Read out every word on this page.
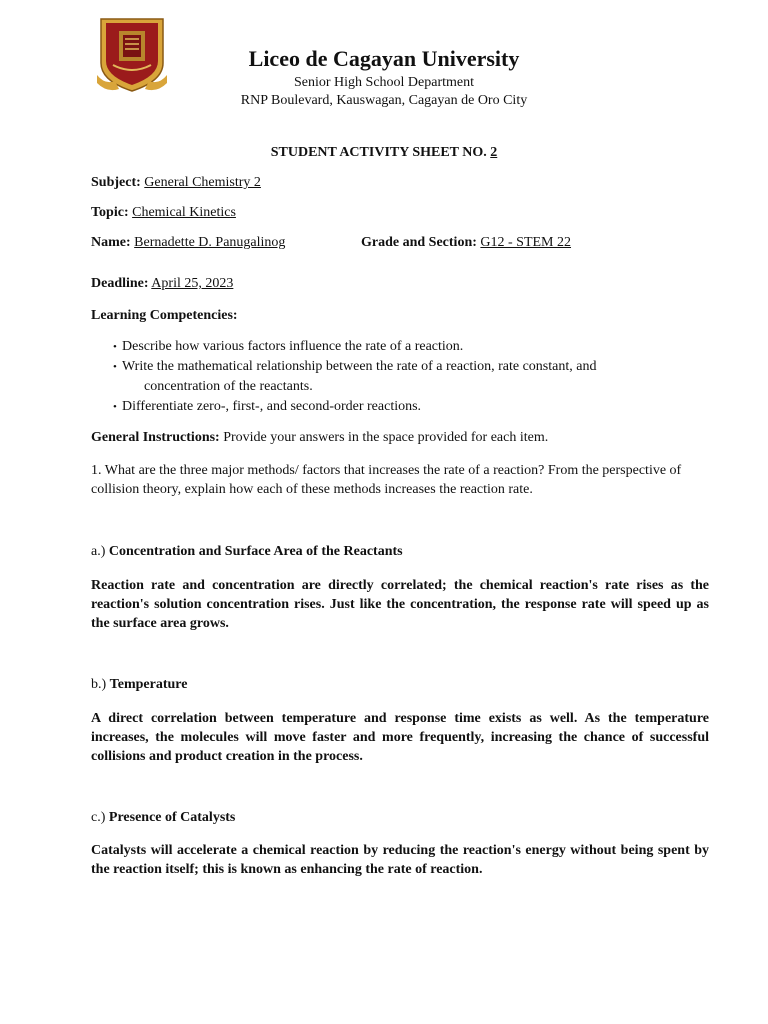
Liceo de Cagayan University
Senior High School Department
RNP Boulevard, Kauswagan, Cagayan de Oro City
STUDENT ACTIVITY SHEET NO. 2
Subject: General Chemistry 2
Topic: Chemical Kinetics
Name: Bernadette D. Panugalinog	Grade and Section: G12 - STEM 22
Deadline: April 25, 2023
Learning Competencies:
• Describe how various factors influence the rate of a reaction.
• Write the mathematical relationship between the rate of a reaction, rate constant, and
concentration of the reactants.
• Differentiate zero-, first-, and second-order reactions.
General Instructions: Provide your answers in the space provided for each item.
1. What are the three major methods/ factors that increases the rate of a reaction? From the perspective of collision theory, explain how each of these methods increases the reaction rate.
a.) Concentration and Surface Area of the Reactants
Reaction rate and concentration are directly correlated; the chemical reaction's rate rises as the reaction's solution concentration rises. Just like the concentration, the response rate will speed up as the surface area grows.
b.) Temperature
A direct correlation between temperature and response time exists as well. As the temperature increases, the molecules will move faster and more frequently, increasing the chance of successful collisions and product creation in the process.
c.) Presence of Catalysts
Catalysts will accelerate a chemical reaction by reducing the reaction's energy without being spent by the reaction itself; this is known as enhancing the rate of reaction.
